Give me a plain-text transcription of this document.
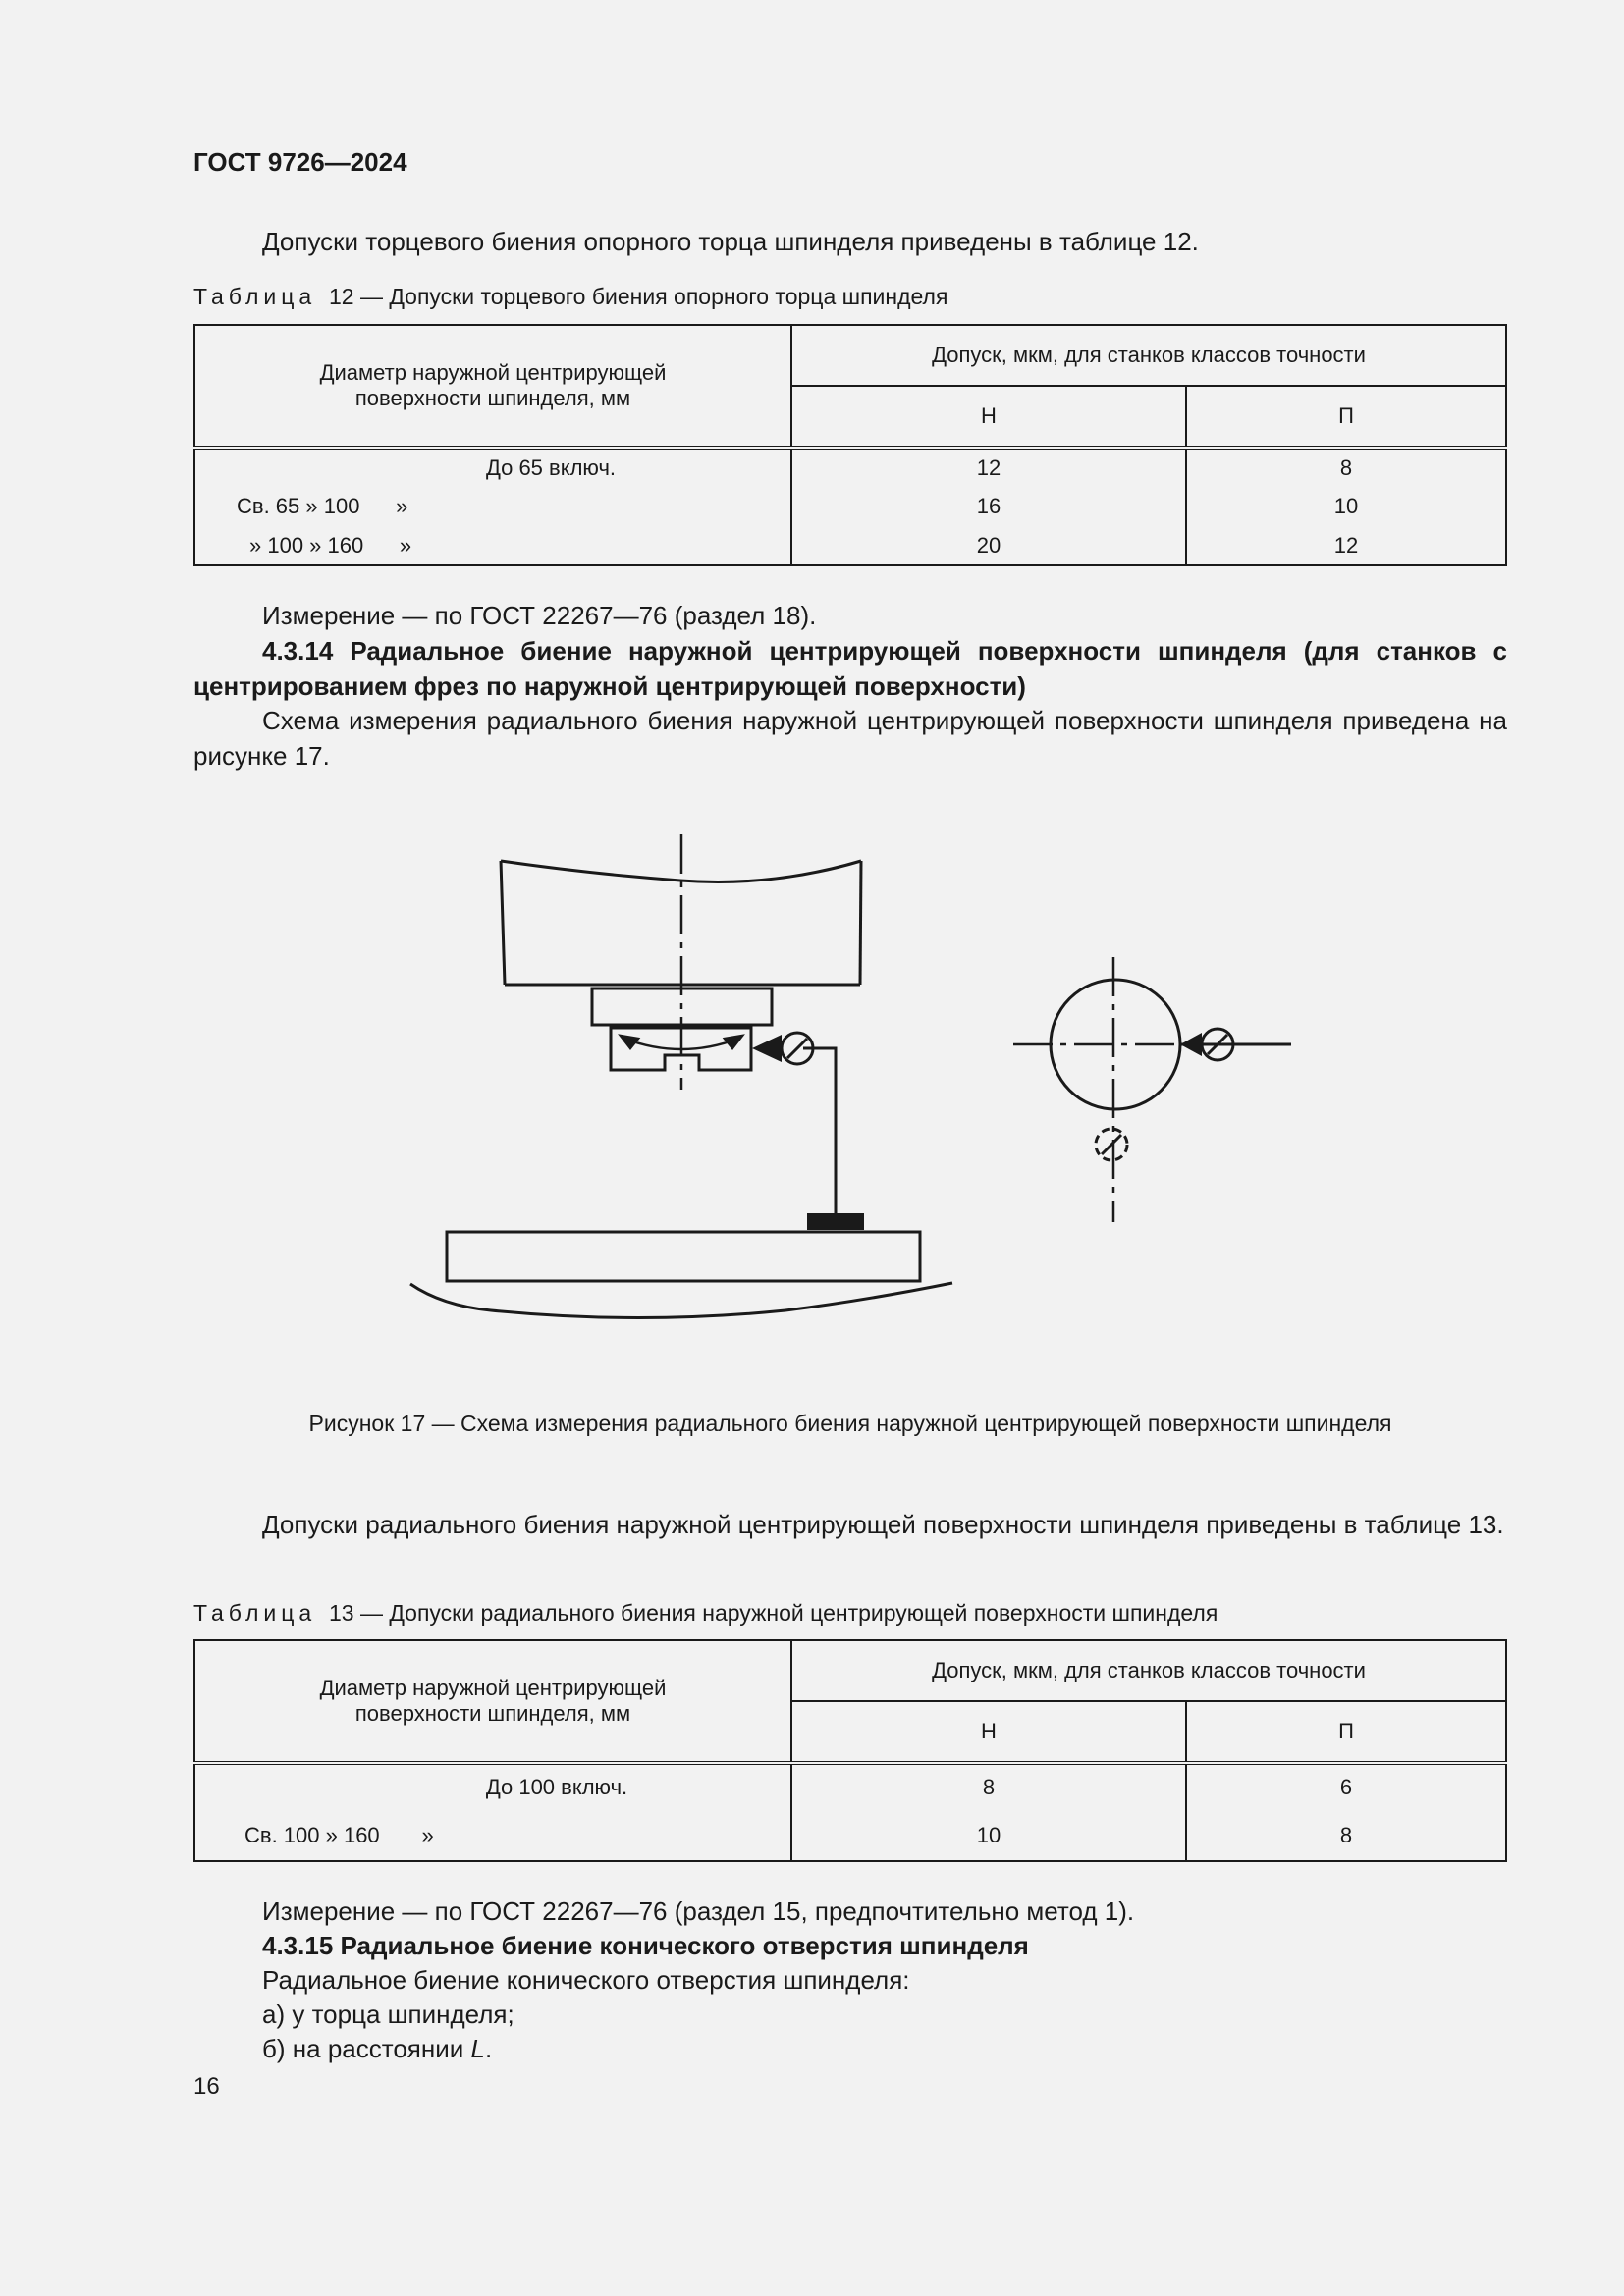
ГОСТ 9726—2024
Допуски торцевого биения опорного торца шпинделя приведены в таблице 12.
Таблица 12 — Допуски торцевого биения опорного торца шпинделя
Диаметр наружной центрирующей поверхности шпинделя, мм	Допуск, мкм, для станков классов точности	
	Н	П
До 65 включ.	12	8
Св. 65 » 100      »	16	10
» 100 » 160      »	20	12
Измерение — по ГОСТ 22267—76 (раздел 18).
4.3.14 Радиальное биение наружной центрирующей поверхности шпинделя (для станков с центрированием фрез по наружной центрирующей поверхности)
Схема измерения радиального биения наружной центрирующей поверхности шпинделя приведена на рисунке 17.
Рисунок 17 — Схема измерения радиального биения наружной центрирующей поверхности шпинделя
Допуски радиального биения наружной центрирующей поверхности шпинделя приведены в таблице 13.
Таблица 13 — Допуски радиального биения наружной центрирующей поверхности шпинделя
Диаметр наружной центрирующей поверхности шпинделя, мм	Допуск, мкм, для станков классов точности	
	Н	П
До 100 включ.	8	6
Св. 100 » 160       »	10	8
Измерение — по ГОСТ 22267—76 (раздел 15, предпочтительно метод 1).
4.3.15 Радиальное биение конического отверстия шпинделя
Радиальное биение конического отверстия шпинделя:
а) у торца шпинделя;
б) на расстоянии L.
16
